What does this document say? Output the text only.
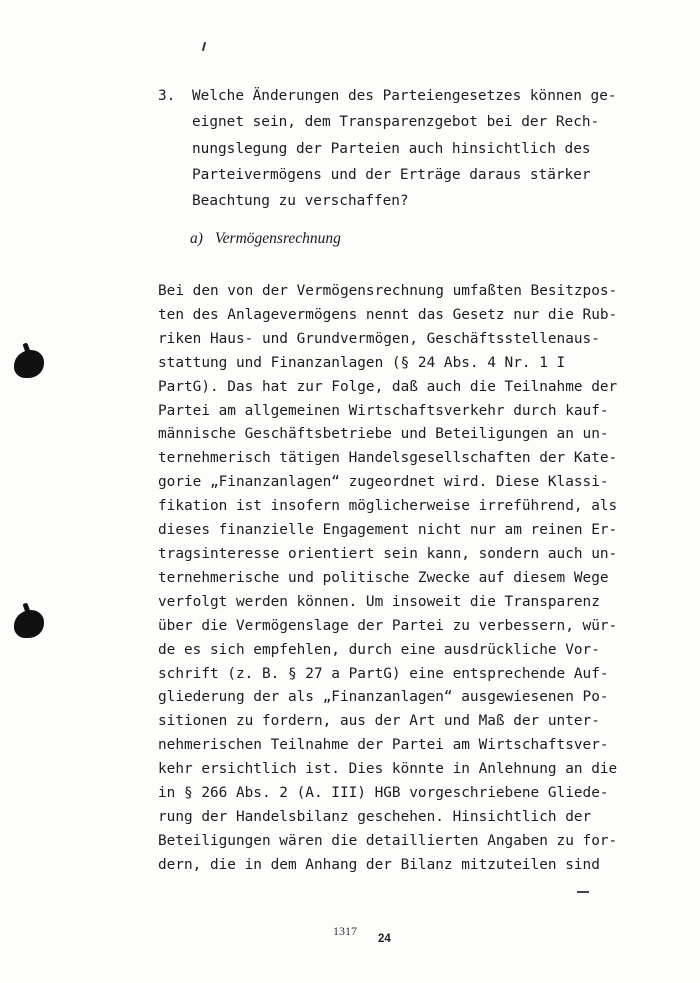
3.	Welche Änderungen des Parteiengesetzes können ge-
eignet sein, dem Transparenzgebot bei der Rech-
nungslegung der Parteien auch hinsichtlich des
Parteivermögens und der Erträge daraus stärker
Beachtung zu verschaffen?
a) Vermögensrechnung
Bei den von der Vermögensrechnung umfaßten Besitzpos-
ten des Anlagevermögens nennt das Gesetz nur die Rub-
riken Haus- und Grundvermögen, Geschäftsstellenaus-
stattung und Finanzanlagen (§ 24 Abs. 4 Nr. 1 I
PartG). Das hat zur Folge, daß auch die Teilnahme der
Partei am allgemeinen Wirtschaftsverkehr durch kauf-
männische Geschäftsbetriebe und Beteiligungen an un-
ternehmerisch tätigen Handelsgesellschaften der Kate-
gorie „Finanzanlagen“ zugeordnet wird. Diese Klassi-
fikation ist insofern möglicherweise irreführend, als
dieses finanzielle Engagement nicht nur am reinen Er-
tragsinteresse orientiert sein kann, sondern auch un-
ternehmerische und politische Zwecke auf diesem Wege
verfolgt werden können. Um insoweit die Transparenz
über die Vermögenslage der Partei zu verbessern, wür-
de es sich empfehlen, durch eine ausdrückliche Vor-
schrift (z. B. § 27 a PartG) eine entsprechende Auf-
gliederung der als „Finanzanlagen“ ausgewiesenen Po-
sitionen zu fordern, aus der Art und Maß der unter-
nehmerischen Teilnahme der Partei am Wirtschaftsver-
kehr ersichtlich ist. Dies könnte in Anlehnung an die
in § 266 Abs. 2 (A. III) HGB vorgeschriebene Gliede-
rung der Handelsbilanz geschehen. Hinsichtlich der
Beteiligungen wären die detaillierten Angaben zu for-
dern, die in dem Anhang der Bilanz mitzuteilen sind
1317
24
